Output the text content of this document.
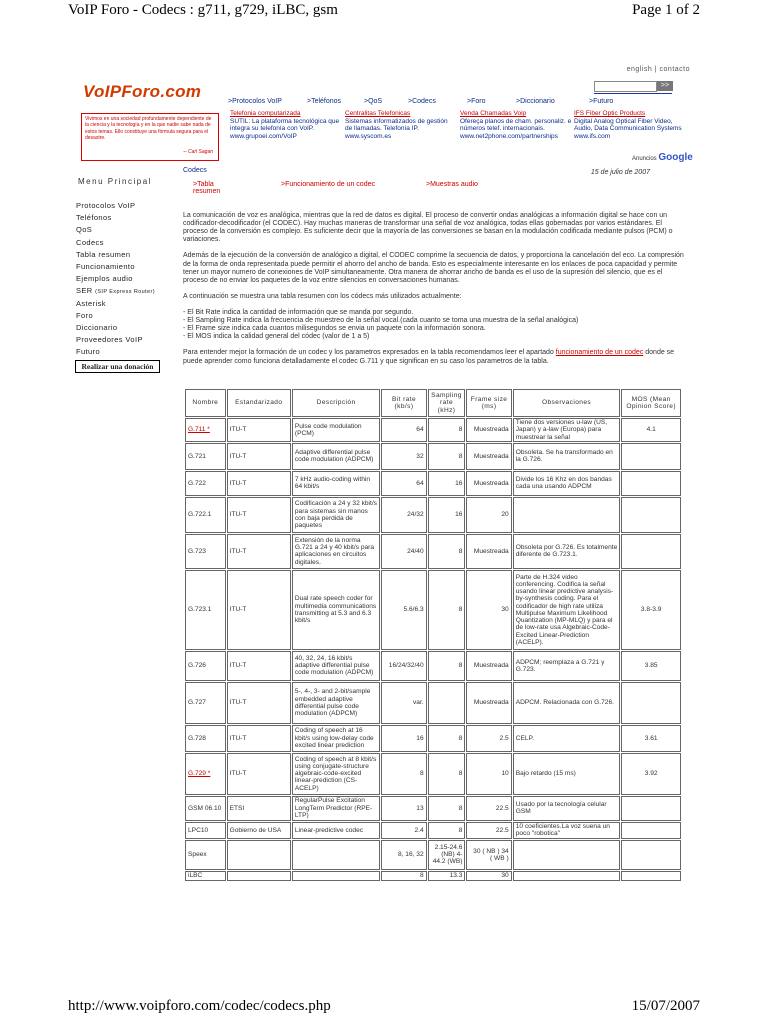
VoIP Foro - Codecs : g711, g729, iLBC, gsm	Page 1 of 2
english | contacto
>>
VoIPForo.com
Vivimos en una sociedad profundamente dependiente de la ciencia y la tecnología y en la que nadie sabe nada de estos temas. Ello constituye una fórmula segura para el desastre.
-- Carl Sagan
>Protocolos VoIP	>Teléfonos	>QoS	>Codecs	>Foro	>Diccionario	>Futuro
Telefonia computarizada
SUTIL: La plataforma tecnológica que integra su telefonía con VoIP. www.grupoei.com/VoIP
Centralitas Telefonicas
Sistemas informatizados de gestión de llamadas. Telefonía IP. www.syscom.es
Venda Chamadas Voip
Ofereça planos de cham. personaliz. e números telef. internacionais. www.net2phone.com/partnerships
IFS Fiber Optic Products
Digital Analog Optical Fiber Video, Audio, Data Communication Systems www.ifs.com
Anuncios Google
Menu Principal
Protocolos VoIP
Teléfonos
QoS
Codecs
Tabla resumen
Funcionamiento
Ejemplos audio
SER (SIP Express Router)
Asterisk
Foro
Diccionario
Proveedores VoIP
Futuro
Realizar una donación
Codecs	15 de julio de 2007
>Tabla resumen
>Funcionamiento de un codec	>Muestras audio

La comunicación de voz es analógica, mientras que la red de datos es digital. El proceso de convertir ondas analógicas a información digital se hace con un codificador-decodificador (el CODEC). Hay muchas maneras de transformar una señal de voz analógica, todas ellas gobernadas por varios estándares. El proceso de la conversión es complejo. Es suficiente decir que la mayoría de las conversiones se basan en la modulación codificada mediante pulsos (PCM) o variaciones.

Además de la ejecución de la conversión de analógico a digital, el CODEC comprime la secuencia de datos, y proporciona la cancelación del eco. La compresión de la forma de onda representada puede permitir el ahorro del ancho de banda. Esto es especialmente interesante en los enlaces de poca capacidad y permite tener un mayor numero de conexiones de VoIP simultaneamente. Otra manera de ahorrar ancho de banda es el uso de la supresión del silencio, que es el proceso de no enviar los paquetes de la voz entre silencios en conversaciones humanas.

A continuación se muestra una tabla resumen con los códecs más utilizados actualmente:

- El Bit Rate indica la cantidad de información que se manda por segundo.
- El Sampling Rate indica la frecuencia de muestreo de la señal vocal.(cada cuanto se toma una muestra de la señal analógica)
- El Frame size indica cada cuantos milisegundos se envia un paquete con la información sonora.
- El MOS indica la calidad general del códec (valor de 1 a 5)

Para entender mejor la formación de un codec y los parametros expresados en la tabla recomendamos leer el apartado funcionamiento de un codec donde se puede aprender como funciona detalladamente el codec G.711 y que significan en su caso los parametros de la tabla.

Nombre	Estandarizado	Descripción	Bit rate (kb/s)	Sampling rate (kHz)	Frame size (ms)	Observaciones	MOS (Mean Opinion Score)
G.711 *	ITU-T	Pulse code modulation (PCM)	64	8	Muestreada	Tiene dos versiones u-law (US, Japan) y a-law (Europa) para muestrear la señal	4.1
G.721	ITU-T	Adaptive differential pulse code modulation (ADPCM)	32	8	Muestreada	Obsoleta. Se ha transformado en la G.726.	
G.722	ITU-T	7 kHz audio-coding within 64 kbit/s	64	16	Muestreada	Divide los 16 Khz en dos bandas cada una usando ADPCM	
G.722.1	ITU-T	Codificación a 24 y 32 kbit/s para sistemas sin manos con baja perdida de paquetes	24/32	16	20		
G.723	ITU-T	Extensión de la norma G.721 a 24 y 40 kbit/s para aplicaciones en circuitos digitales.	24/40	8	Muestreada	Obsoleta por G.726. Es totalmente diferente de G.723.1.	
G.723.1	ITU-T	Dual rate speech coder for multimedia communications transmitting at 5.3 and 6.3 kbit/s	5.6/6.3	8	30	Parte de H.324 video conferencing. Codifica la señal usando linear predictive analysis-by-synthesis coding. Para el codificador de high rate utiliza Multipulse Maximum Likelihood Quantization (MP-MLQ) y para el de low-rate usa Algebraic-Code-Excited Linear-Prediction (ACELP).	3.8-3.9
G.726	ITU-T	40, 32, 24, 16 kbit/s adaptive differential pulse code modulation (ADPCM)	16/24/32/40	8	Muestreada	ADPCM; reemplaza a G.721 y G.723.	3.85
G.727	ITU-T	5-, 4-, 3- and 2-bit/sample embedded adaptive differential pulse code modulation (ADPCM)	var.		Muestreada	ADPCM. Relacionada con G.726.	
G.728	ITU-T	Coding of speech at 16 kbit/s using low-delay code excited linear prediction	16	8	2.5	CELP.	3.61
G.729 *	ITU-T	Coding of speech at 8 kbit/s using conjugate-structure algebraic-code-excited linear-prediction (CS-ACELP)	8	8	10	Bajo retardo (15 ms)	3.92
GSM 06.10	ETSI	RegularPulse Excitation LongTerm Predictor (RPE-LTP)	13	8	22.5	Usado por la tecnología celular GSM	
LPC10	Gobierno de USA	Linear-predictive codec	2.4	8	22.5	10 coeficientes.La voz suena un poco "robotica"	
Speex			8, 16, 32	2.15-24.6 (NB) 4-44.2 (WB)	30 ( NB ) 34 ( WB )		
iLBC			8	13.3	30		
http://www.voipforo.com/codec/codecs.php	15/07/2007
